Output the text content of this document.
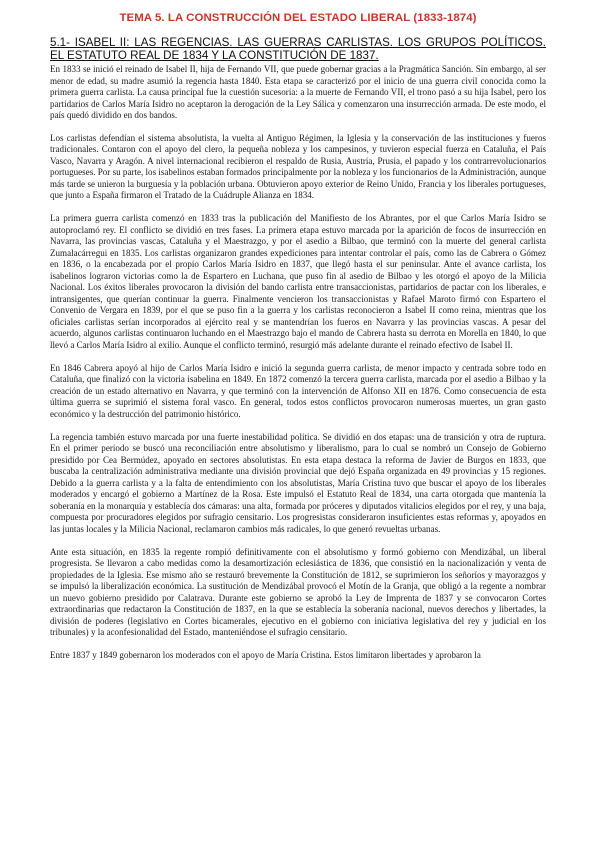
TEMA 5. LA CONSTRUCCIÓN DEL ESTADO LIBERAL (1833-1874)
5.1- ISABEL II: LAS REGENCIAS. LAS GUERRAS CARLISTAS. LOS GRUPOS POLÍTICOS. EL ESTATUTO REAL DE 1834 Y LA CONSTITUCIÓN DE 1837.

En 1833 se inició el reinado de Isabel II, hija de Fernando VII, que puede gobernar gracias a la Pragmática Sanción. Sin embargo, al ser menor de edad, su madre asumió la regencia hasta 1840. Esta etapa se caracterizó por el inicio de una guerra civil conocida como la primera guerra carlista. La causa principal fue la cuestión sucesoria: a la muerte de Fernando VII, el trono pasó a su hija Isabel, pero los partidarios de Carlos María Isidro no aceptaron la derogación de la Ley Sálica y comenzaron una insurrección armada. De este modo, el país quedó dividido en dos bandos.

Los carlistas defendían el sistema absolutista, la vuelta al Antiguo Régimen, la Iglesia y la conservación de las instituciones y fueros tradicionales. Contaron con el apoyo del clero, la pequeña nobleza y los campesinos, y tuvieron especial fuerza en Cataluña, el País Vasco, Navarra y Aragón. A nivel internacional recibieron el respaldo de Rusia, Austria, Prusia, el papado y los contrarrevolucionarios portugueses. Por su parte, los isabelinos estaban formados principalmente por la nobleza y los funcionarios de la Administración, aunque más tarde se unieron la burguesía y la población urbana. Obtuvieron apoyo exterior de Reino Unido, Francia y los liberales portugueses, que junto a España firmaron el Tratado de la Cuádruple Alianza en 1834.

La primera guerra carlista comenzó en 1833 tras la publicación del Manifiesto de los Abrantes, por el que Carlos María Isidro se autoproclamó rey. El conflicto se dividió en tres fases. La primera etapa estuvo marcada por la aparición de focos de insurrección en Navarra, las provincias vascas, Cataluña y el Maestrazgo, y por el asedio a Bilbao, que terminó con la muerte del general carlista Zumalacárregui en 1835. Los carlistas organizaron grandes expediciones para intentar controlar el país, como las de Cabrera o Gómez en 1836, o la encabezada por el propio Carlos María Isidro en 1837, que llegó hasta el sur peninsular. Ante el avance carlista, los isabelinos lograron victorias como la de Espartero en Luchana, que puso fin al asedio de Bilbao y les otorgó el apoyo de la Milicia Nacional. Los éxitos liberales provocaron la división del bando carlista entre transaccionistas, partidarios de pactar con los liberales, e intransigentes, que querían continuar la guerra. Finalmente vencieron los transaccionistas y Rafael Maroto firmó con Espartero el Convenio de Vergara en 1839, por el que se puso fin a la guerra y los carlistas reconocieron a Isabel II como reina, mientras que los oficiales carlistas serían incorporados al ejército real y se mantendrían los fueros en Navarra y las provincias vascas. A pesar del acuerdo, algunos carlistas continuaron luchando en el Maestrazgo bajo el mando de Cabrera hasta su derrota en Morella en 1840, lo que llevó a Carlos María Isidro al exilio. Aunque el conflicto terminó, resurgió más adelante durante el reinado efectivo de Isabel II.

En 1846 Cabrera apoyó al hijo de Carlos María Isidro e inició la segunda guerra carlista, de menor impacto y centrada sobre todo en Cataluña, que finalizó con la victoria isabelina en 1849. En 1872 comenzó la tercera guerra carlista, marcada por el asedio a Bilbao y la creación de un estado alternativo en Navarra, y que terminó con la intervención de Alfonso XII en 1876. Como consecuencia de esta última guerra se suprimió el sistema foral vasco. En general, todos estos conflictos provocaron numerosas muertes, un gran gasto económico y la destrucción del patrimonio histórico.

La regencia también estuvo marcada por una fuerte inestabilidad política. Se dividió en dos etapas: una de transición y otra de ruptura. En el primer periodo se buscó una reconciliación entre absolutismo y liberalismo, para lo cual se nombró un Consejo de Gobierno presidido por Cea Bermúdez, apoyado en sectores absolutistas. En esta etapa destaca la reforma de Javier de Burgos en 1833, que buscaba la centralización administrativa mediante una división provincial que dejó España organizada en 49 provincias y 15 regiones. Debido a la guerra carlista y a la falta de entendimiento con los absolutistas, María Cristina tuvo que buscar el apoyo de los liberales moderados y encargó el gobierno a Martínez de la Rosa. Este impulsó el Estatuto Real de 1834, una carta otorgada que mantenía la soberanía en la monarquía y establecía dos cámaras: una alta, formada por próceres y diputados vitalicios elegidos por el rey, y una baja, compuesta por procuradores elegidos por sufragio censitario. Los progresistas consideraron insuficientes estas reformas y, apoyados en las juntas locales y la Milicia Nacional, reclamaron cambios más radicales, lo que generó revueltas urbanas.

Ante esta situación, en 1835 la regente rompió definitivamente con el absolutismo y formó gobierno con Mendizábal, un liberal progresista. Se llevaron a cabo medidas como la desamortización eclesiástica de 1836, que consistió en la nacionalización y venta de propiedades de la Iglesia. Ese mismo año se restauró brevemente la Constitución de 1812, se suprimieron los señoríos y mayorazgos y se impulsó la liberalización económica. La sustitución de Mendizábal provocó el Motín de la Granja, que obligó a la regente a nombrar un nuevo gobierno presidido por Calatrava. Durante este gobierno se aprobó la Ley de Imprenta de 1837 y se convocaron Cortes extraordinarias que redactaron la Constitución de 1837, en la que se establecía la soberanía nacional, nuevos derechos y libertades, la división de poderes (legislativo en Cortes bicamerales, ejecutivo en el gobierno con iniciativa legislativa del rey y judicial en los tribunales) y la aconfesionalidad del Estado, manteniéndose el sufragio censitario.

Entre 1837 y 1849 gobernaron los moderados con el apoyo de María Cristina. Estos limitaron libertades y aprobaron la
